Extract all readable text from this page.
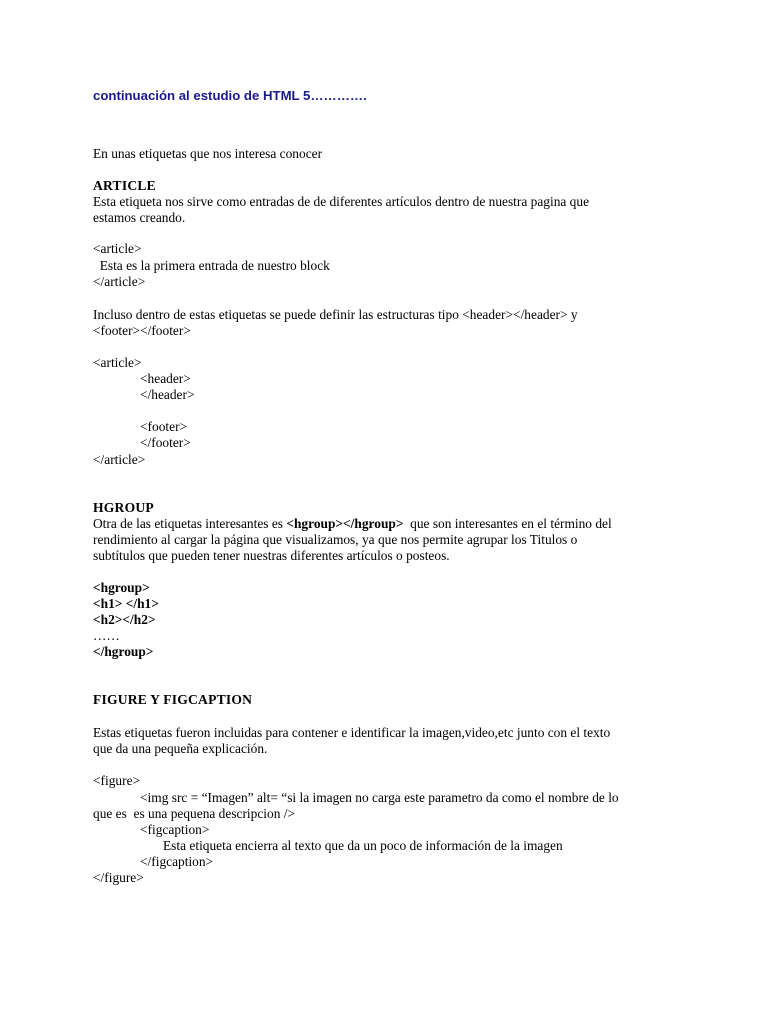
continuación al estudio de HTML 5………….
En unas etiquetas que nos interesa conocer
ARTICLE
Esta etiqueta nos sirve como entradas de de diferentes artículos dentro de nuestra pagina que
estamos creando.
<article>
Esta es la primera entrada de nuestro block
</article>
Incluso dentro de estas etiquetas se puede definir las estructuras tipo <header></header> y
<footer></footer>
<article>
<header>
</header>
<footer>
</footer>
</article>
HGROUP
Otra de las etiquetas interesantes es <hgroup></hgroup>  que son interesantes en el término del
rendimiento al cargar la página que visualizamos, ya que nos permite agrupar los Titulos o
subtítulos que pueden tener nuestras diferentes artículos o posteos.
<hgroup>
<h1> </h1>
<h2></h2>
……
</hgroup>
FIGURE Y FIGCAPTION
Estas etiquetas fueron incluidas para contener e identificar la imagen,video,etc junto con el texto
que da una pequeña explicación.
<figure>
<img src = “Imagen” alt= “si la imagen no carga este parametro da como el nombre de lo
que es  es una pequena descripcion />
<figcaption>
Esta etiqueta encierra al texto que da un poco de información de la imagen
</figcaption>
</figure>
